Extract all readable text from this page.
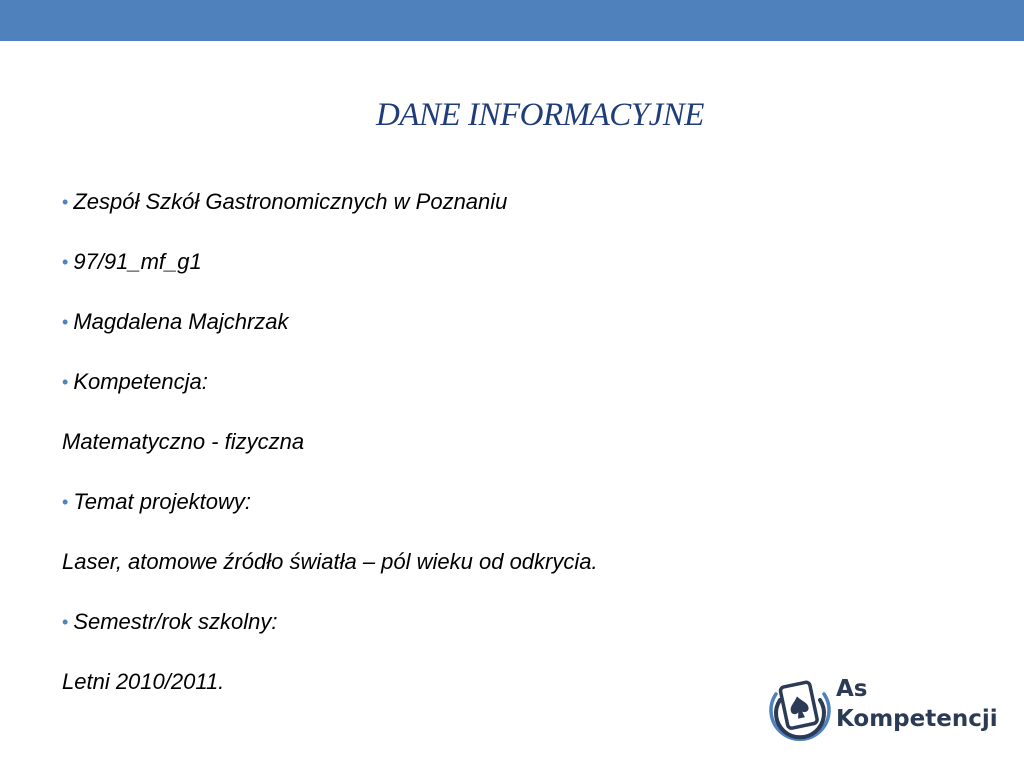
DANE INFORMACYJNE
• Zespół Szkół Gastronomicznych w Poznaniu
• 97/91_mf_g1
• Magdalena Majchrzak
• Kompetencja:
Matematyczno - fizyczna
• Temat projektowy:
Laser, atomowe źródło światła – pól wieku od odkrycia.
• Semestr/rok szkolny:
Letni 2010/2011.	As
Kompetencji
